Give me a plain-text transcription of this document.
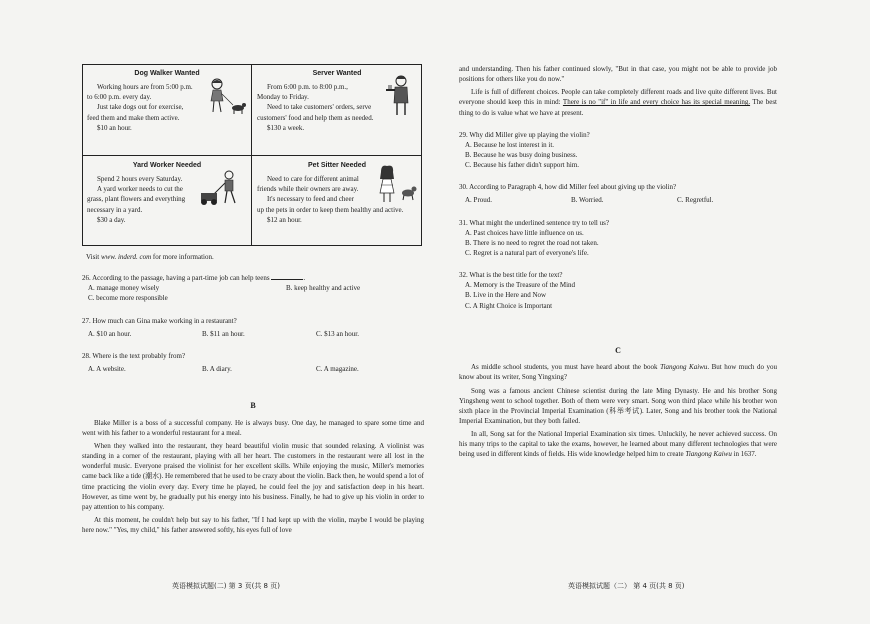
Dog Walker Wanted

Working hours are from 5:00 p.m.

to 6:00 p.m. every day.

Just take dogs out for exercise,

feed them and make them active.

$10 an hour.

Server Wanted

From 6:00 p.m. to 8:00 p.m.,

Monday to Friday.

Need to take customers' orders, serve

customers' food and help them as needed.

$130 a week.

Yard Worker Needed

Spend 2 hours every Saturday.

A yard worker needs to cut the

grass, plant flowers and everything

necessary in a yard.

$30 a day.

Pet Sitter Needed

Need to care for different animal

friends while their owners are away.

It's necessary to feed and cheer

up the pets in order to keep them healthy and active.

$12 an hour.

Visit www. inderd. com for more information.

26. According to the passage, having a part-time job can help teens	.

A. manage money wisely	B. keep healthy and active
C. become more responsible

27. How much can Gina make working in a restaurant?

A. $10 an hour.	B. $11 an hour.	C. $13 an hour.

28. Where is the text probably from?

A. A website.	B. A diary.	C. A magazine.
B

Blake Miller is a boss of a successful company. He is always busy. One day, he managed to spare some time and went with his father to a wonderful restaurant for a meal.

When they walked into the restaurant, they heard beautiful violin music that sounded relaxing. A violinist was standing in a corner of the restaurant, playing with all her heart. The customers in the restaurant were all lost in the wonderful music. Everyone praised the violinist for her excellent skills. While enjoying the music, Miller's memories came back like a tide (潮水). He remembered that he used to be crazy about the violin. Back then, he would spend a lot of time practicing the violin every day. Every time he played, he could feel the joy and satisfaction deep in his heart. However, as time went by, he gradually put his energy into his business. Finally, he had to give up his violin in order to pay attention to his company.

At this moment, he couldn't help but say to his father, "If I had kept up with the violin, maybe I would be playing here now." "Yes, my child," his father answered softly, his eyes full of love

and understanding. Then his father continued slowly, "But in that case, you might not be able to provide job positions for others like you do now."

Life is full of different choices. People can take completely different roads and live quite different lives. But everyone should keep this in mind: There is no "if" in life and every choice has its special meaning. The best thing to do is value what we have at present.

29. Why did Miller give up playing the violin?

A. Because he lost interest in it.

B. Because he was busy doing business.

C. Because his father didn't support him.

30. According to Paragraph 4, how did Miller feel about giving up the violin?

A. Proud.	B. Worried.	C. Regretful.

31. What might the underlined sentence try to tell us?

A. Past choices have little influence on us.

B. There is no need to regret the road not taken.

C. Regret is a natural part of everyone's life.

32. What is the best title for the text?

A. Memory is the Treasure of the Mind

B. Live in the Here and Now

C. A Right Choice is Important

C

As middle school students, you must have heard about the book Tiangong Kaiwu. But how much do you know about its writer, Song Yingxing?

Song was a famous ancient Chinese scientist during the late Ming Dynasty. He and his brother Song Yingsheng went to school together. Both of them were very smart. Song won third place while his brother won sixth place in the Provincial Imperial Examination (科举考试). Later, Song and his brother took the National Imperial Examination, but they both failed.

In all, Song sat for the National Imperial Examination six times. Unluckily, he never achieved success. On his many trips to the capital to take the exams, however, he learned about many different technologies that were being used in different kinds of fields. His wide knowledge helped him to create Tiangong Kaiwu in 1637.

英语模拟试题(二) 第 3 页(共 8 页)	英语模拟试题（二） 第 4 页(共 8 页)
